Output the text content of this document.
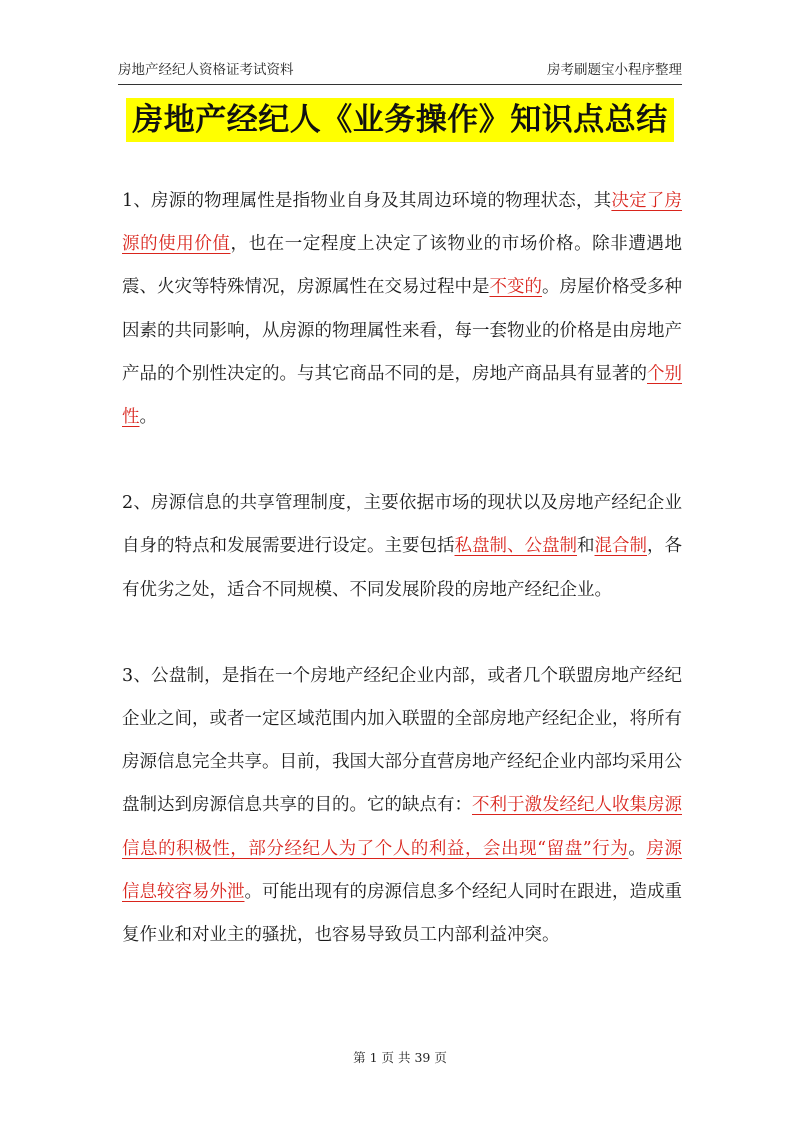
房地产经纪人资格证考试资料	房考刷题宝小程序整理
房地产经纪人《业务操作》知识点总结

1、房源的物理属性是指物业自身及其周边环境的物理状态，其决定了房源的使用价值，也在一定程度上决定了该物业的市场价格。除非遭遇地震、火灾等特殊情况，房源属性在交易过程中是不变的。房屋价格受多种因素的共同影响，从房源的物理属性来看，每一套物业的价格是由房地产产品的个别性决定的。与其它商品不同的是，房地产商品具有显著的个别性。

2、房源信息的共享管理制度，主要依据市场的现状以及房地产经纪企业自身的特点和发展需要进行设定。主要包括私盘制、公盘制和混合制，各有优劣之处，适合不同规模、不同发展阶段的房地产经纪企业。

3、公盘制，是指在一个房地产经纪企业内部，或者几个联盟房地产经纪企业之间，或者一定区域范围内加入联盟的全部房地产经纪企业，将所有房源信息完全共享。目前，我国大部分直营房地产经纪企业内部均采用公盘制达到房源信息共享的目的。它的缺点有：不利于激发经纪人收集房源信息的积极性，部分经纪人为了个人的利益，会出现“留盘”行为。房源信息较容易外泄。可能出现有的房源信息多个经纪人同时在跟进，造成重复作业和对业主的骚扰，也容易导致员工内部利益冲突。

第 1 页 共 39 页
